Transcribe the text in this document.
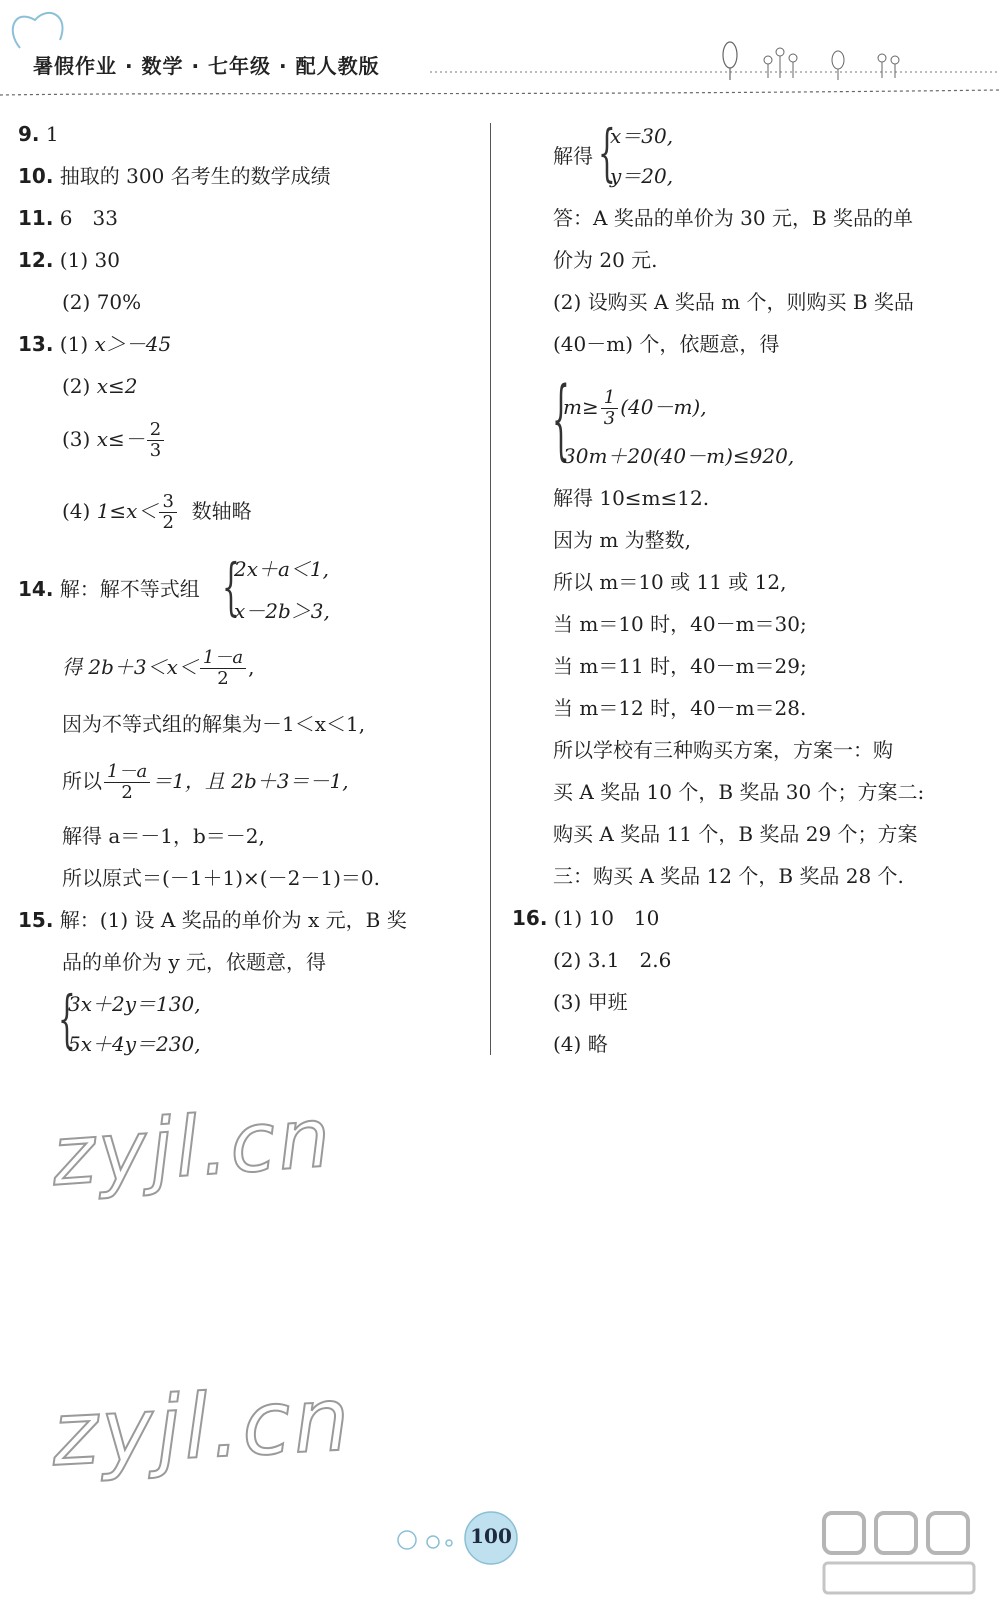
暑假作业 · 数学 · 七年级 · 配人教版
9. 1
10. 抽取的 300 名考生的数学成绩
11. 6　33
12. (1) 30
(2) 70%
13. (1) x＞－45
(2) x≤2
(3) $x\le- \frac{2}{3}$
(4) $1\le x< \frac{3}{2}$ 数轴略
14. 解：解不等式组 {
2x＋a＜1,
x－2b＞3,
得 $2b+3<x< \frac{1-a}{2}$ ,
因为不等式组的解集为－1＜x＜1,
所以 $\frac{1-a}{2} =1$，且 2b＋3＝－1,
解得 a＝－1，b＝－2,
所以原式＝(－1＋1)×(－2－1)＝0.
15. 解：(1) 设 A 奖品的单价为 x 元，B 奖
品的单价为 y 元，依题意，得
{
3x＋2y＝130,
5x＋4y＝230,
解得 {
x＝30,
y＝20,
答：A 奖品的单价为 30 元，B 奖品的单
价为 20 元.
(2) 设购买 A 奖品 m 个，则购买 B 奖品
(40－m) 个，依题意，得
{
$m\ge \frac{1}{3} (40-m)$,
30m＋20(40－m)≤920,
解得 10≤m≤12.
因为 m 为整数,
所以 m＝10 或 11 或 12,
当 m＝10 时，40－m＝30;
当 m＝11 时，40－m＝29;
当 m＝12 时，40－m＝28.
所以学校有三种购买方案，方案一：购
买 A 奖品 10 个，B 奖品 30 个；方案二:
购买 A 奖品 11 个，B 奖品 29 个；方案
三：购买 A 奖品 12 个，B 奖品 28 个.
16. (1) 10　10
(2) 3.1　2.6
(3) 甲班
(4) 略
zyjl.cn
zyjl.cn
100
